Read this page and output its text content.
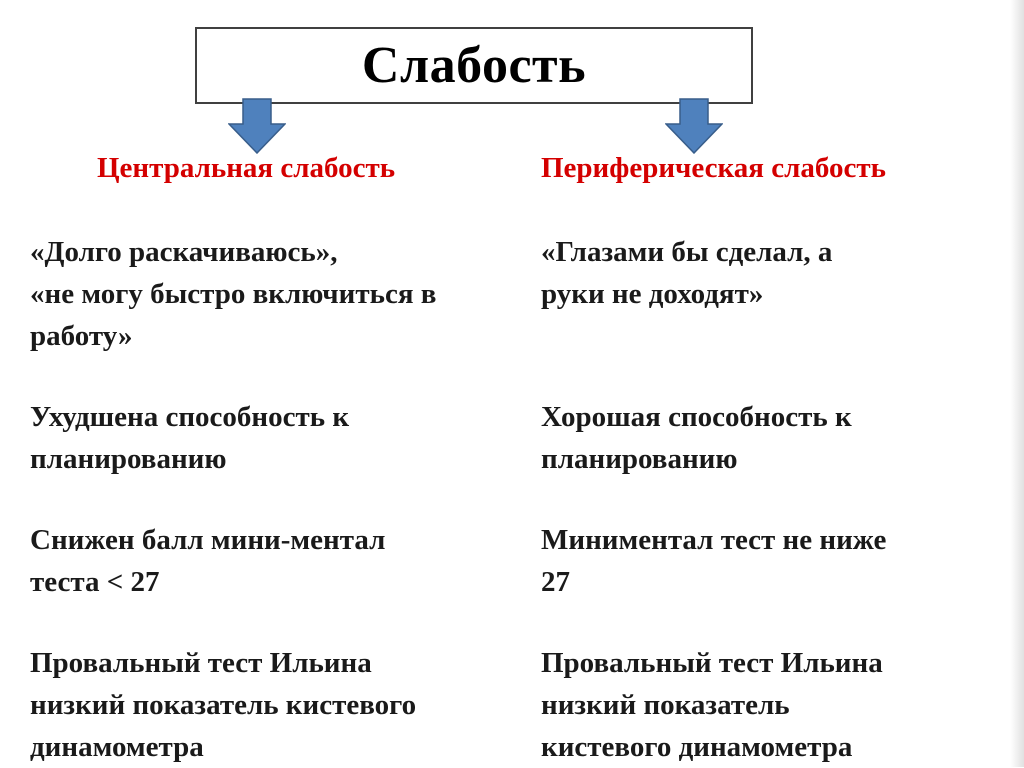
Слабость
Центральная слабость	Периферическая слабость
«Долго раскачиваюсь»,
«не могу быстро включиться в
работу»
Ухудшена способность к
планированию
Снижен балл мини-ментал
теста < 27
Провальный тест Ильина
низкий показатель кистевого
динамометра
«Глазами бы сделал, а
руки не доходят»
Хорошая способность к
планированию
Миниментал тест не ниже
27
Провальный тест Ильина
низкий показатель
кистевого динамометра
